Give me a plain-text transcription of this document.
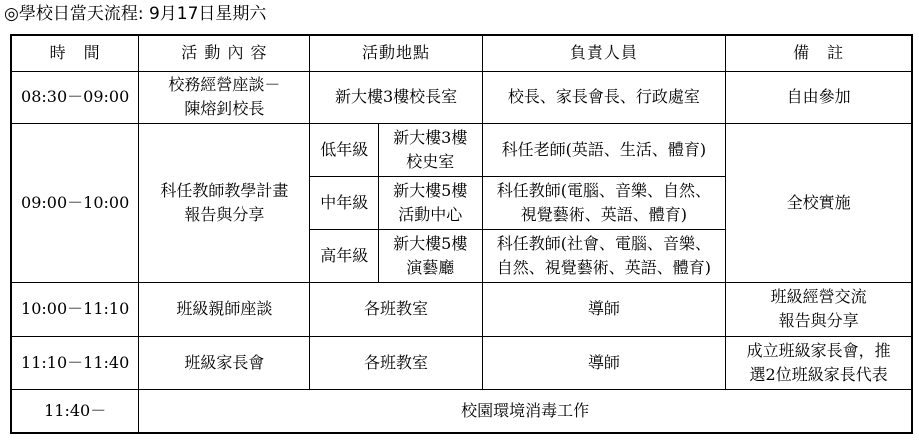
◎學校日當天流程: 9月17日星期六
時　間	活 動 內 容	活動地點		負責人員	備　註
08:30－09:00	校務經營座談－
陳熔釗校長	新大樓3樓校長室		校長、家長會長、行政處室	自由參加
09:00－10:00	科任教師教學計畫
報告與分享	低年級	新大樓3樓
校史室	科任老師(英語、生活、體育)	全校實施
		中年級	新大樓5樓
活動中心	科任教師(電腦、音樂、自然、
視覺藝術、英語、體育)	
		高年級	新大樓5樓
演藝廳	科任教師(社會、電腦、音樂、
自然、視覺藝術、英語、體育)	
10:00－11:10	班級親師座談	各班教室		導師	班級經營交流
報告與分享
11:10－11:40	班級家長會	各班教室		導師	成立班級家長會，推
選2位班級家長代表
11:40－	校園環境消毒工作				
